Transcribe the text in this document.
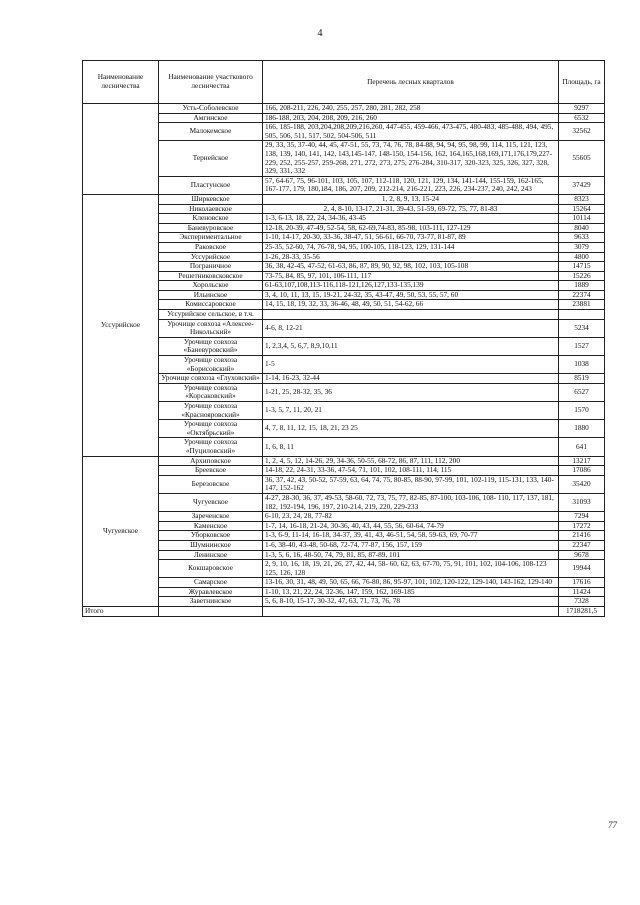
4
Наименование лесничества	Наименование участкового лесничества	Перечень лесных кварталов	Площадь, га
	Усть-Соболевское	166, 208-211, 226, 240, 255, 257, 280, 281, 282, 258	9297
	Амгинское	186-188, 203, 204, 208, 209, 216, 260	6532
	Малокемское	166, 185-188, 203,204,208,209,216,260, 447-455, 459-466, 473-475, 480-483, 485-488, 494, 495, 505, 506, 511, 517, 502, 504-506, 511	32562
	Тернейское	29, 33, 35, 37-40, 44, 45, 47-51, 55, 73, 74, 76, 78, 84-88, 94, 94, 95, 98, 99, 114, 115, 121, 123, 138, 139, 140, 141, 142, 143,145-147, 148-150, 154-156, 162, 164,165,168,169,171,176,179,227-229, 252, 255-257, 259-268, 271, 272, 273, 275, 276-284, 310-317, 320-323, 325, 326, 327, 328, 329, 331, 332	55605
	Пластунское	57, 64-67, 75, 96-101, 103, 105, 107, 112-118, 120, 121, 129, 134, 141-144, 155-159, 162-165, 167-177, 179, 180,184, 186, 207, 209, 212-214, 216-221, 223, 226, 234-237, 240, 242, 243	37429
Уссурийское	Ширкевское	1, 2, 8, 9, 13, 15-24	8323
	Николаевское	2, 4, 8-10, 13-17, 21-31, 39-43, 51-59, 69-72, 75, 77, 81-83	15264
	Кленовское	1-3, 6-13, 18, 22, 24, 34-36, 43-45	10114
	Баневуровское	12-18, 20-39, 47-49, 52-54, 58, 62-69,74-83, 85-98, 103-111, 127-129	8040
	Экспериментальное	1-10, 14-17, 20-30, 33-36, 38-47, 51, 56-61, 66-70, 73-77, 81-87, 89	9633
	Раковское	25-35, 52-60, 74, 76-78, 94, 95, 100-105, 118-123, 129, 131-144	3079
	Уссурийское	1-26, 28-33, 35-56	4800
	Пограничное	36, 38, 42-45, 47-52, 61-63, 86, 87, 89, 90, 92, 98, 102, 103, 105-108	14715
	Решетниковсковское	73-75, 84, 85, 97, 101, 106-111, 117	15226
	Хорольское	61-63,107,108,113-116,118-121,126,127,133-135,139	1889
	Ильинское	3, 4, 10, 11, 13, 15, 19-21, 24-32, 35, 43-47, 49, 50, 53, 55, 57, 60	22374
	Комиссаровское	14, 15, 18, 19, 32, 33, 36-46, 48, 49, 50, 51, 54-62, 66	23881
	Уссурийское сельское, в т.ч.		
	Урочище совхоза «Алексее-Никольский»	4-6, 8, 12-21	5234
	Урочище совхоза «Баневуровский»	1, 2,3,4, 5, 6,7, 8,9,10,11	1527
	Урочище совхоза «Борисовский»	1-5	1038
	Урочище совхоза «Глуховский»	1-14, 16-23, 32-44	8519
	Урочище совхоза «Корсаковский»	1-21, 25, 28-32, 35, 36	6527
	Урочище совхоза «Краснояровский»	1-3, 5, 7, 11, 20, 21	1570
	Урочище совхоза «Октябрьский»	4, 7, 8, 11, 12, 15, 18, 21, 23 25	1880
	Урочище совхоза «Пуциловский»	1, 6, 8, 11	641
Чугуевское	Архиповское	1, 2, 4, 5, 12, 14-26, 29, 34-36, 50-55, 68-72, 86, 87, 111, 112, 200	13217
	Бреевское	14-18, 22, 24-31, 33-36, 47-54, 71, 101, 102, 108-111, 114, 115	17086
	Березовское	36, 37, 42, 43, 50-52, 57-59, 63, 64, 74, 75, 80-85, 88-90, 97-99, 101, 102-119, 115-131, 133, 140-147, 152-162	35420
	Чугуевское	4-27, 28-30, 36, 37, 49-53, 58-60, 72, 73, 75, 77, 82-85, 87-100, 103-106, 108- 110, 117, 137, 181, 182, 192-194, 196, 197, 210-214, 219, 220, 229-233	31093
	Зареченское	6-10, 23, 24, 28, 77-82	7294
	Каменское	1-7, 14, 16-18, 21-24, 30-36, 40, 43, 44, 55, 56, 60-64, 74-79	17272
	Уборковское	1-3, 6-9, 11-14, 16-18, 34-37, 39, 41, 43, 46-51, 54, 58, 59-63, 69, 70-77	21416
	Шумнинское	1-6, 38-40, 43-48, 50-68, 72-74, 77-87, 156, 157, 159	22347
	Ленинское	1-3, 5, 6, 16, 48-50, 74, 79, 81, 85, 87-89, 101	9678
	Кокшаровское	2, 9, 10, 16, 18, 19, 21, 26, 27, 42, 44, 58- 60, 62, 63, 67-70, 75, 91, 101, 102, 104-106, 108-123 125, 126, 128	19944
	Самарское	13-16, 30, 31, 48, 49, 50, 65, 66, 76-80, 86, 95-97, 101, 102, 120-122, 129-140, 143-162, 129-140	17616
	Журавлевское	1-10, 13, 21, 22, 24, 32-36, 147, 159, 162, 169-185	11424
	Заветнинское	5, 6, 8-10, 15-17, 30-32, 47, 63, 71, 73, 76, 78	7328
Итого			1718281,5
77
